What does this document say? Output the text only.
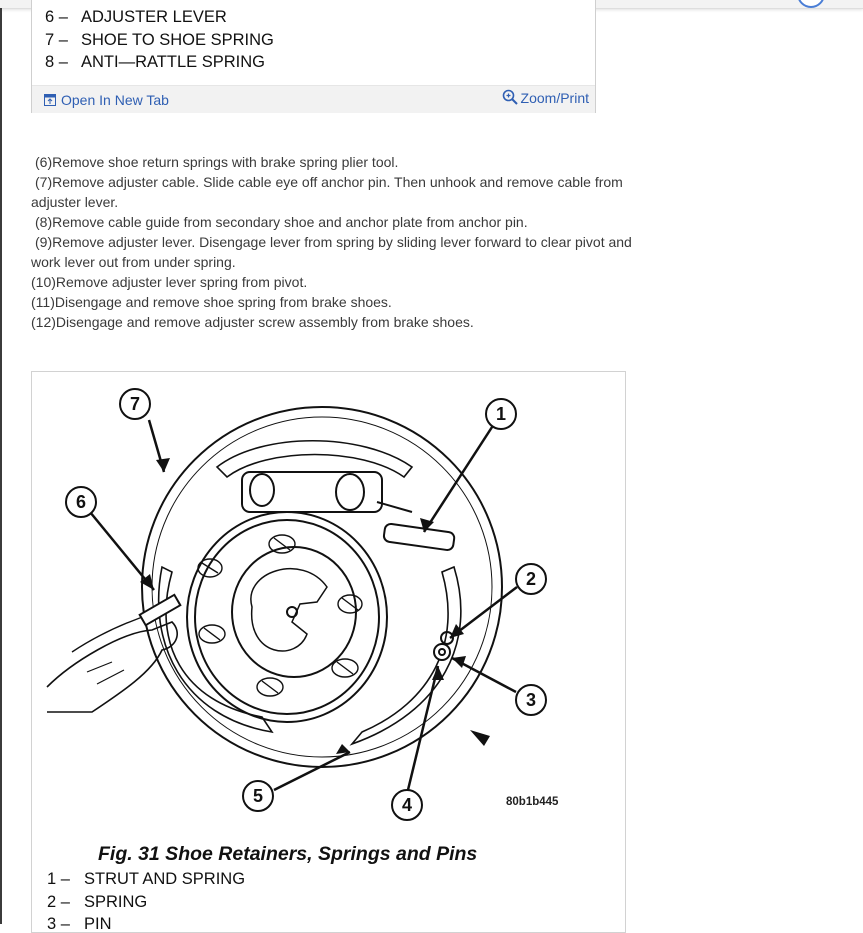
6 – ADJUSTER LEVER
7 – SHOE TO SHOE SPRING
8 – ANTI—RATTLE SPRING
Open In New Tab	Zoom/Print

(6)Remove shoe return springs with brake spring plier tool.

(7)Remove adjuster cable. Slide cable eye off anchor pin. Then unhook and remove cable from adjuster lever.

(8)Remove cable guide from secondary shoe and anchor plate from anchor pin.

(9)Remove adjuster lever. Disengage lever from spring by sliding lever forward to clear pivot and work lever out from under spring.

(10)Remove adjuster lever spring from pivot.

(11)Disengage and remove shoe spring from brake shoes.

(12)Disengage and remove adjuster screw assembly from brake shoes.

7	1
6
2
3
5	4	80b1b445
Fig. 31 Shoe Retainers, Springs and Pins
1 – STRUT AND SPRING
2 – SPRING
3 – PIN
